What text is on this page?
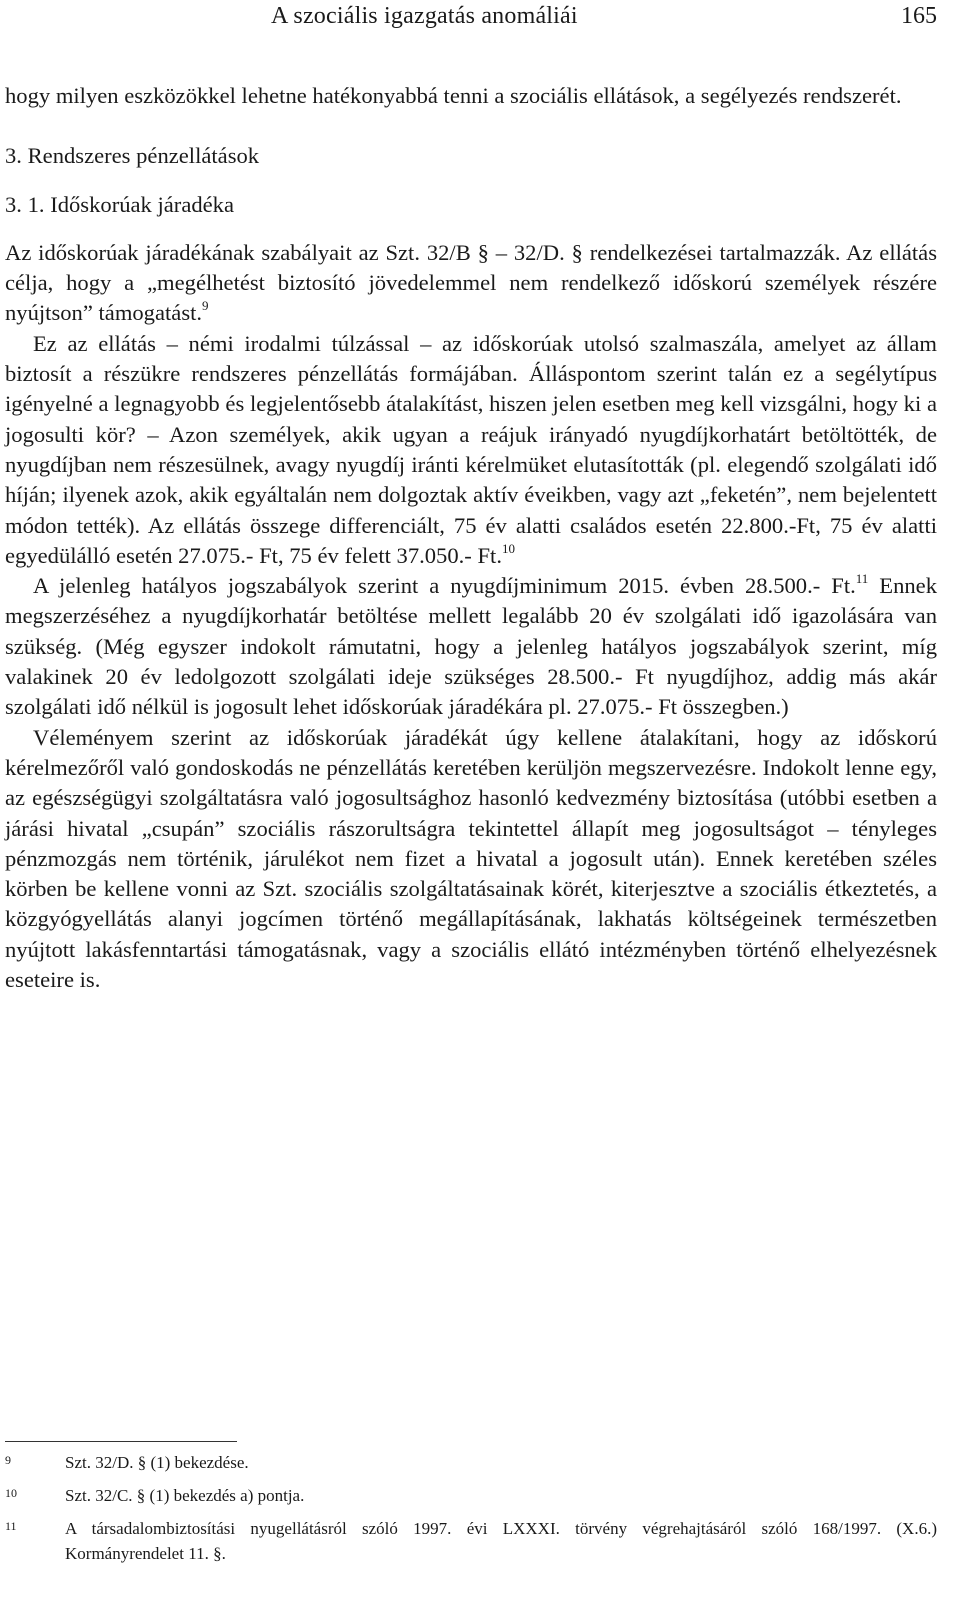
A szociális igazgatás anomáliái	165

hogy milyen eszközökkel lehetne hatékonyabbá tenni a szociális ellátások, a segélyezés rendszerét.

3. Rendszeres pénzellátások

3. 1. Időskorúak járadéka

Az időskorúak járadékának szabályait az Szt. 32/B § – 32/D. § rendelkezései tartalmazzák. Az ellátás célja, hogy a „megélhetést biztosító jövedelemmel nem rendelkező időskorú személyek részére nyújtson” támogatást.$^9$

Ez az ellátás – némi irodalmi túlzással – az időskorúak utolsó szalmaszála, amelyet az állam biztosít a részükre rendszeres pénzellátás formájában. Álláspontom szerint talán ez a segélytípus igényelné a legnagyobb és legjelentősebb átalakítást, hiszen jelen esetben meg kell vizsgálni, hogy ki a jogosulti kör? – Azon személyek, akik ugyan a reájuk irányadó nyugdíjkorhatárt betöltötték, de nyugdíjban nem részesülnek, avagy nyugdíj iránti kérelmüket elutasították (pl. elegendő szolgálati idő híján; ilyenek azok, akik egyáltalán nem dolgoztak aktív éveikben, vagy azt „feketén”, nem bejelentett módon tették). Az ellátás összege differenciált, 75 év alatti családos esetén 22.800.-Ft, 75 év alatti egyedülálló esetén 27.075.- Ft, 75 év felett 37.050.- Ft.$^{10}$

A jelenleg hatályos jogszabályok szerint a nyugdíjminimum 2015. évben 28.500.- Ft.$^{11}$ Ennek megszerzéséhez a nyugdíjkorhatár betöltése mellett legalább 20 év szolgálati idő igazolására van szükség. (Még egyszer indokolt rámutatni, hogy a jelenleg hatályos jogszabályok szerint, míg valakinek 20 év ledolgozott szolgálati ideje szükséges 28.500.- Ft nyugdíjhoz, addig más akár szolgálati idő nélkül is jogosult lehet időskorúak járadékára pl. 27.075.- Ft összegben.)

Véleményem szerint az időskorúak járadékát úgy kellene átalakítani, hogy az időskorú kérelmezőről való gondoskodás ne pénzellátás keretében kerüljön megszervezésre. Indokolt lenne egy, az egészségügyi szolgáltatásra való jogosultsághoz hasonló kedvezmény biztosítása (utóbbi esetben a járási hivatal „csupán” szociális rászorultságra tekintettel állapít meg jogosultságot – tényleges pénzmozgás nem történik, járulékot nem fizet a hivatal a jogosult után). Ennek keretében széles körben be kellene vonni az Szt. szociális szolgáltatásainak körét, kiterjesztve a szociális étkeztetés, a közgyógyellátás alanyi jogcímen történő megállapításának, lakhatás költségeinek természetben nyújtott lakásfenntartási támogatásnak, vagy a szociális ellátó intézményben történő elhelyezésnek eseteire is.

9	Szt. 32/D. § (1) bekezdése.
10	Szt. 32/C. § (1) bekezdés a) pontja.
11	A társadalombiztosítási nyugellátásról szóló 1997. évi LXXXI. törvény végrehajtásáról szóló 168/1997. (X.6.) Kormányrendelet 11. §.
